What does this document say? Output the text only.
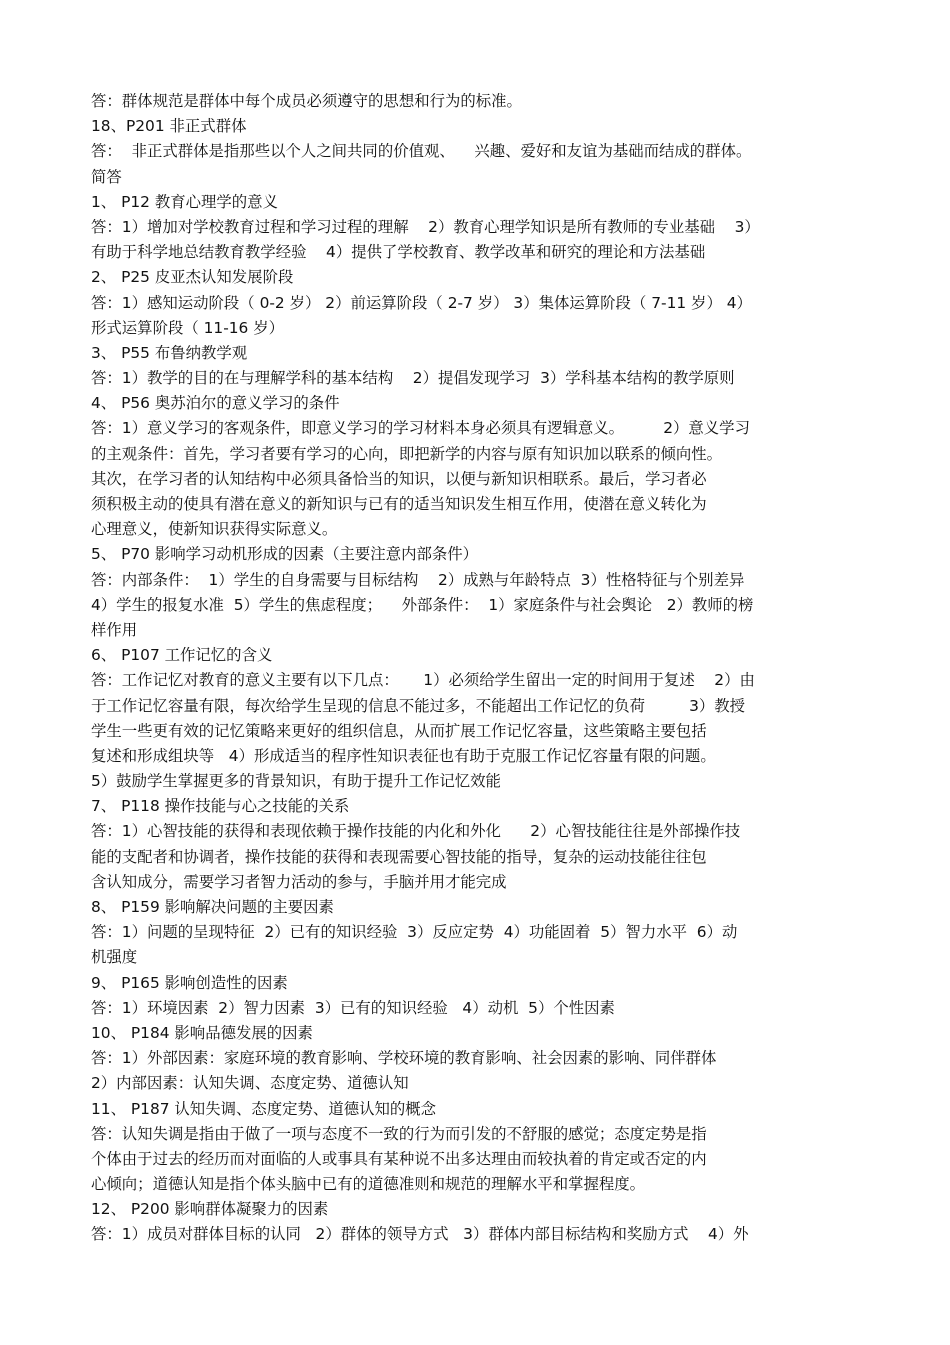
答：群体规范是群体中每个成员必须遵守的思想和行为的标准。
18、P201 非正式群体
答：  非正式群体是指那些以个人之间共同的价值观、    兴趣、爱好和友谊为基础而结成的群体。
简答
1、 P12 教育心理学的意义
答：1）增加对学校教育过程和学习过程的理解    2）教育心理学知识是所有教师的专业基础    3）
有助于科学地总结教育教学经验    4）提供了学校教育、教学改革和研究的理论和方法基础
2、 P25 皮亚杰认知发展阶段
答：1）感知运动阶段（ 0-2 岁） 2）前运算阶段（ 2-7 岁） 3）集体运算阶段（ 7-11 岁） 4）
形式运算阶段（ 11-16 岁）
3、 P55 布鲁纳教学观
答：1）教学的目的在与理解学科的基本结构    2）提倡发现学习  3）学科基本结构的教学原则
4、 P56 奥苏泊尔的意义学习的条件
答：1）意义学习的客观条件，即意义学习的学习材料本身必须具有逻辑意义。        2）意义学习
的主观条件：首先，学习者要有学习的心向，即把新学的内容与原有知识加以联系的倾向性。
其次，在学习者的认知结构中必须具备恰当的知识，以便与新知识相联系。最后，学习者必
须积极主动的使具有潜在意义的新知识与已有的适当知识发生相互作用，使潜在意义转化为
心理意义，使新知识获得实际意义。
5、 P70 影响学习动机形成的因素（主要注意内部条件）
答：内部条件：  1）学生的自身需要与目标结构    2）成熟与年龄特点  3）性格特征与个别差异
4）学生的报复水准  5）学生的焦虑程度；    外部条件：  1）家庭条件与社会舆论   2）教师的榜
样作用
6、 P107 工作记忆的含义
答：工作记忆对教育的意义主要有以下几点：     1）必须给学生留出一定的时间用于复述    2）由
于工作记忆容量有限，每次给学生呈现的信息不能过多，不能超出工作记忆的负荷         3）教授
学生一些更有效的记忆策略来更好的组织信息，从而扩展工作记忆容量，这些策略主要包括
复述和形成组块等   4）形成适当的程序性知识表征也有助于克服工作记忆容量有限的问题。
5）鼓励学生掌握更多的背景知识，有助于提升工作记忆效能
7、 P118 操作技能与心之技能的关系
答：1）心智技能的获得和表现依赖于操作技能的内化和外化      2）心智技能往往是外部操作技
能的支配者和协调者，操作技能的获得和表现需要心智技能的指导，复杂的运动技能往往包
含认知成分，需要学习者智力活动的参与，手脑并用才能完成
8、 P159 影响解决问题的主要因素
答：1）问题的呈现特征  2）已有的知识经验  3）反应定势  4）功能固着  5）智力水平  6）动
机强度
9、 P165 影响创造性的因素
答：1）环境因素  2）智力因素  3）已有的知识经验   4）动机  5）个性因素
10、 P184 影响品德发展的因素
答：1）外部因素：家庭环境的教育影响、学校环境的教育影响、社会因素的影响、同伴群体
2）内部因素：认知失调、态度定势、道德认知
11、 P187 认知失调、态度定势、道德认知的概念
答：认知失调是指由于做了一项与态度不一致的行为而引发的不舒服的感觉；态度定势是指
个体由于过去的经历而对面临的人或事具有某种说不出多达理由而较执着的肯定或否定的内
心倾向；道德认知是指个体头脑中已有的道德准则和规范的理解水平和掌握程度。
12、 P200 影响群体凝聚力的因素
答：1）成员对群体目标的认同   2）群体的领导方式   3）群体内部目标结构和奖励方式    4）外
